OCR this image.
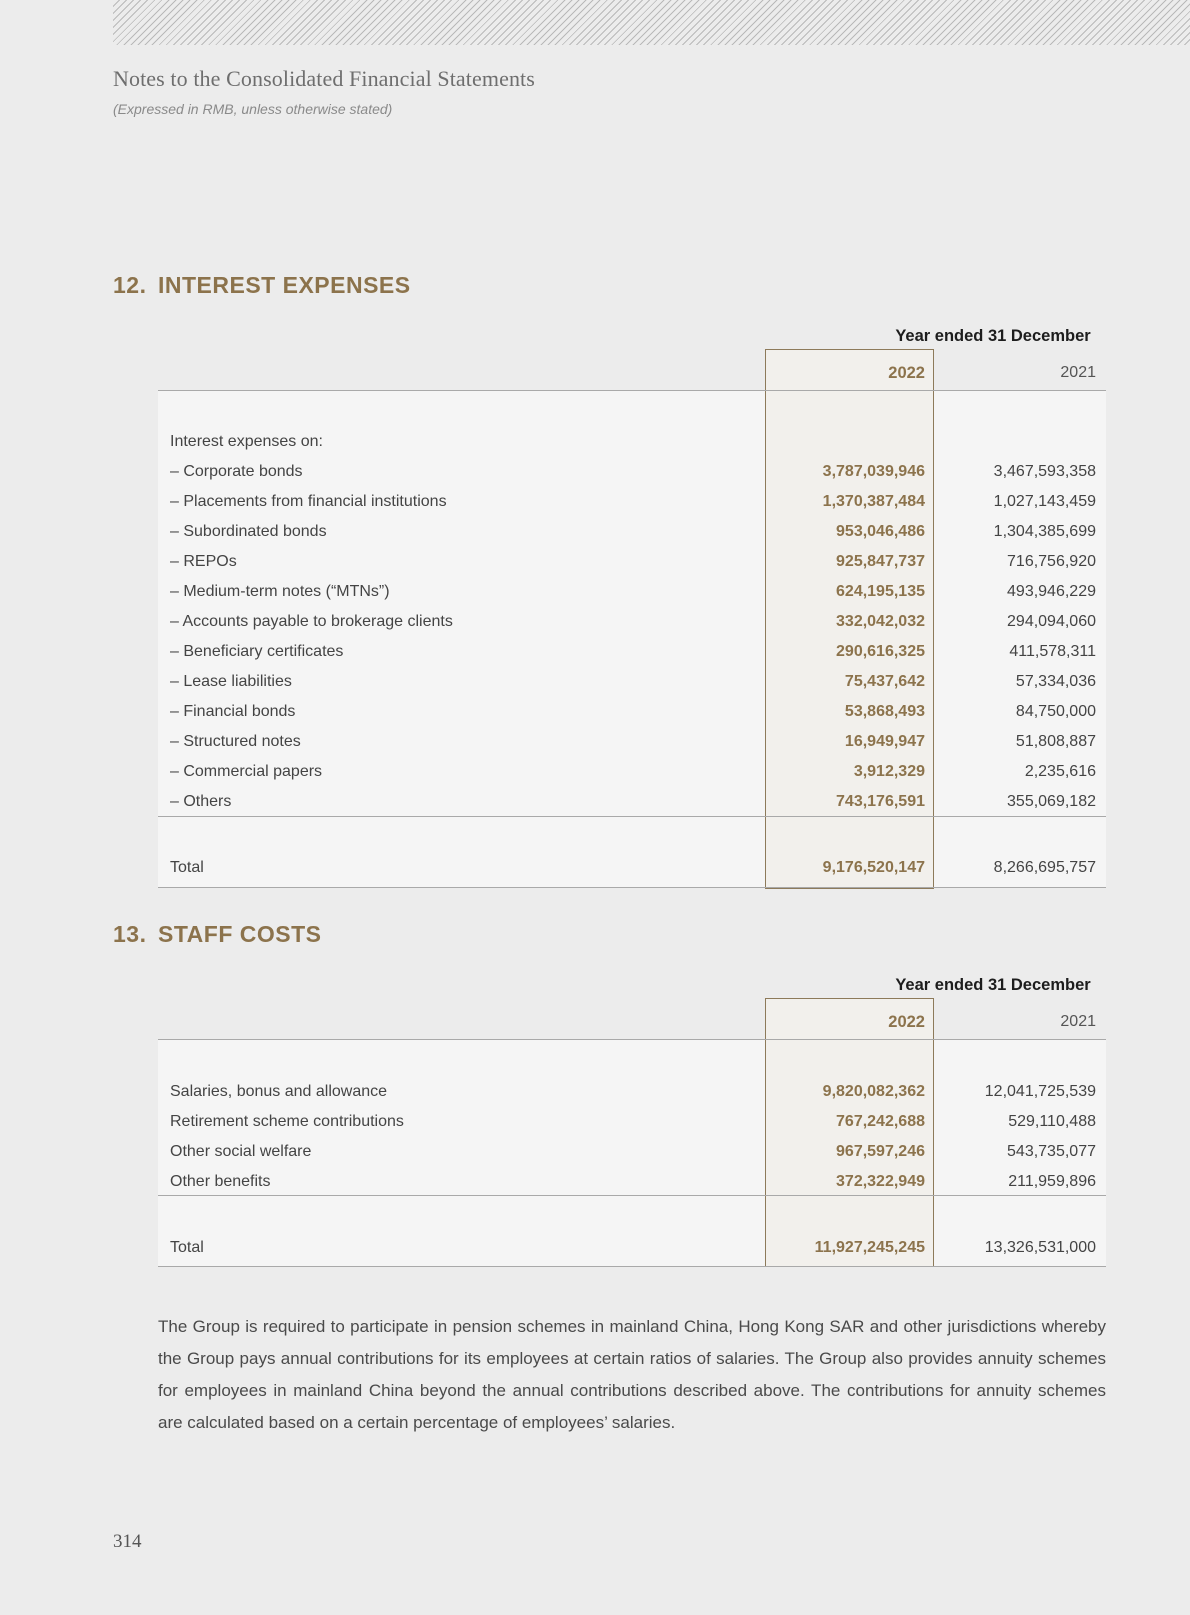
Notes to the Consolidated Financial Statements
(Expressed in RMB, unless otherwise stated)
12. INTEREST EXPENSES
Year ended 31 December
2022	2021
Interest expenses on:
– Corporate bonds	3,787,039,946	3,467,593,358
– Placements from financial institutions	1,370,387,484	1,027,143,459
– Subordinated bonds	953,046,486	1,304,385,699
– REPOs	925,847,737	716,756,920
– Medium-term notes (“MTNs”)	624,195,135	493,946,229
– Accounts payable to brokerage clients	332,042,032	294,094,060
– Beneficiary certificates	290,616,325	411,578,311
– Lease liabilities	75,437,642	57,334,036
– Financial bonds	53,868,493	84,750,000
– Structured notes	16,949,947	51,808,887
– Commercial papers	3,912,329	2,235,616
– Others	743,176,591	355,069,182
Total	9,176,520,147	8,266,695,757
13. STAFF COSTS
Year ended 31 December
2022	2021
Salaries, bonus and allowance	9,820,082,362	12,041,725,539
Retirement scheme contributions	767,242,688	529,110,488
Other social welfare	967,597,246	543,735,077
Other benefits	372,322,949	211,959,896
Total	11,927,245,245	13,326,531,000
The Group is required to participate in pension schemes in mainland China, Hong Kong SAR and other jurisdictions whereby the Group pays annual contributions for its employees at certain ratios of salaries. The Group also provides annuity schemes for employees in mainland China beyond the annual contributions described above. The contributions for annuity schemes are calculated based on a certain percentage of employees’ salaries.
314
